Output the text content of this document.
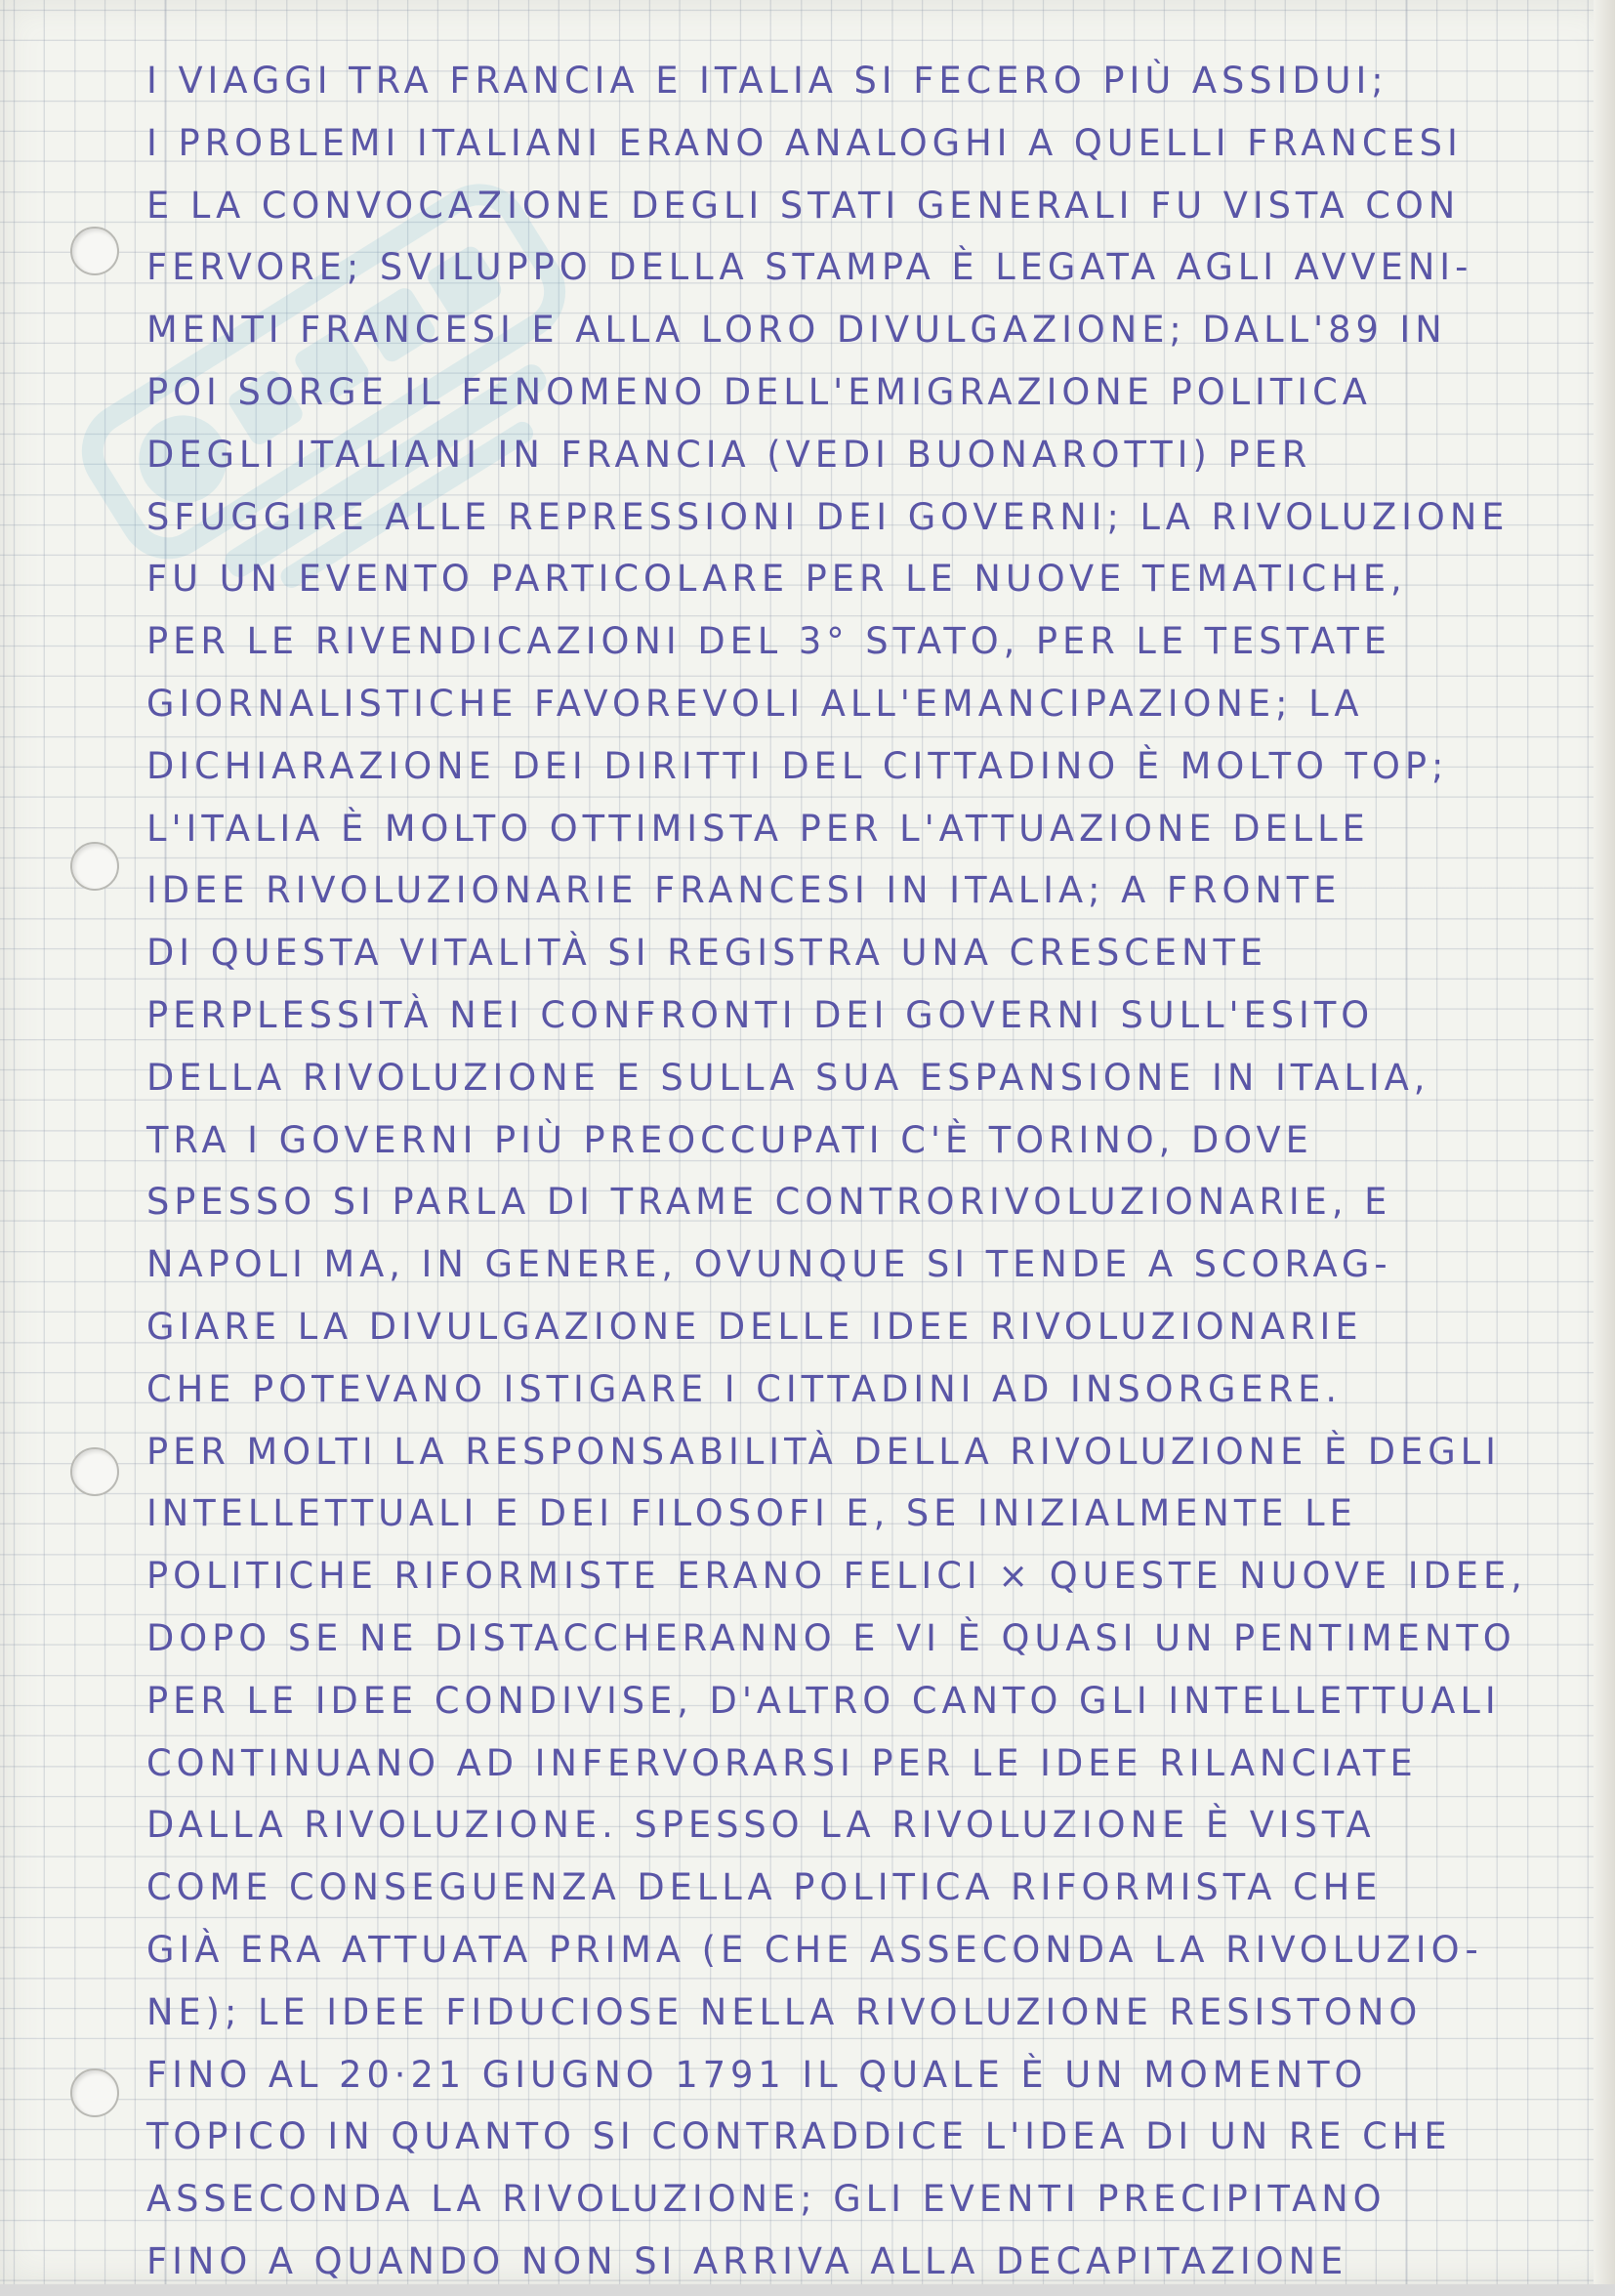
I VIAGGI TRA FRANCIA E ITALIA SI FECERO PIÙ ASSIDUI;
I PROBLEMI ITALIANI ERANO ANALOGHI A QUELLI FRANCESI
E LA CONVOCAZIONE DEGLI STATI GENERALI FU VISTA CON
FERVORE; SVILUPPO DELLA STAMPA È LEGATA AGLI AVVENI-
MENTI FRANCESI E ALLA LORO DIVULGAZIONE; DALL'89 IN
POI SORGE IL FENOMENO DELL'EMIGRAZIONE POLITICA
DEGLI ITALIANI IN FRANCIA (VEDI BUONAROTTI) PER
SFUGGIRE ALLE REPRESSIONI DEI GOVERNI; LA RIVOLUZIONE
FU UN EVENTO PARTICOLARE PER LE NUOVE TEMATICHE,
PER LE RIVENDICAZIONI DEL 3° STATO, PER LE TESTATE
GIORNALISTICHE FAVOREVOLI ALL'EMANCIPAZIONE; LA
DICHIARAZIONE DEI DIRITTI DEL CITTADINO È MOLTO TOP;
L'ITALIA È MOLTO OTTIMISTA PER L'ATTUAZIONE DELLE
IDEE RIVOLUZIONARIE FRANCESI IN ITALIA; A FRONTE
DI QUESTA VITALITÀ SI REGISTRA UNA CRESCENTE
PERPLESSITÀ NEI CONFRONTI DEI GOVERNI SULL'ESITO
DELLA RIVOLUZIONE E SULLA SUA ESPANSIONE IN ITALIA,
TRA I GOVERNI PIÙ PREOCCUPATI C'È TORINO, DOVE
SPESSO SI PARLA DI TRAME CONTRORIVOLUZIONARIE, E
NAPOLI MA, IN GENERE, OVUNQUE SI TENDE A SCORAG-
GIARE LA DIVULGAZIONE DELLE IDEE RIVOLUZIONARIE
CHE POTEVANO ISTIGARE I CITTADINI AD INSORGERE.
PER MOLTI LA RESPONSABILITÀ DELLA RIVOLUZIONE È DEGLI
INTELLETTUALI E DEI FILOSOFI E, SE INIZIALMENTE LE
POLITICHE RIFORMISTE ERANO FELICI × QUESTE NUOVE IDEE,
DOPO SE NE DISTACCHERANNO E VI È QUASI UN PENTIMENTO
PER LE IDEE CONDIVISE, D'ALTRO CANTO GLI INTELLETTUALI
CONTINUANO AD INFERVORARSI PER LE IDEE RILANCIATE
DALLA RIVOLUZIONE. SPESSO LA RIVOLUZIONE È VISTA
COME CONSEGUENZA DELLA POLITICA RIFORMISTA CHE
GIÀ ERA ATTUATA PRIMA (E CHE ASSECONDA LA RIVOLUZIO-
NE); LE IDEE FIDUCIOSE NELLA RIVOLUZIONE RESISTONO
FINO AL 20·21 GIUGNO 1791 IL QUALE È UN MOMENTO
TOPICO IN QUANTO SI CONTRADDICE L'IDEA DI UN RE CHE
ASSECONDA LA RIVOLUZIONE; GLI EVENTI PRECIPITANO
FINO A QUANDO NON SI ARRIVA ALLA DECAPITAZIONE
